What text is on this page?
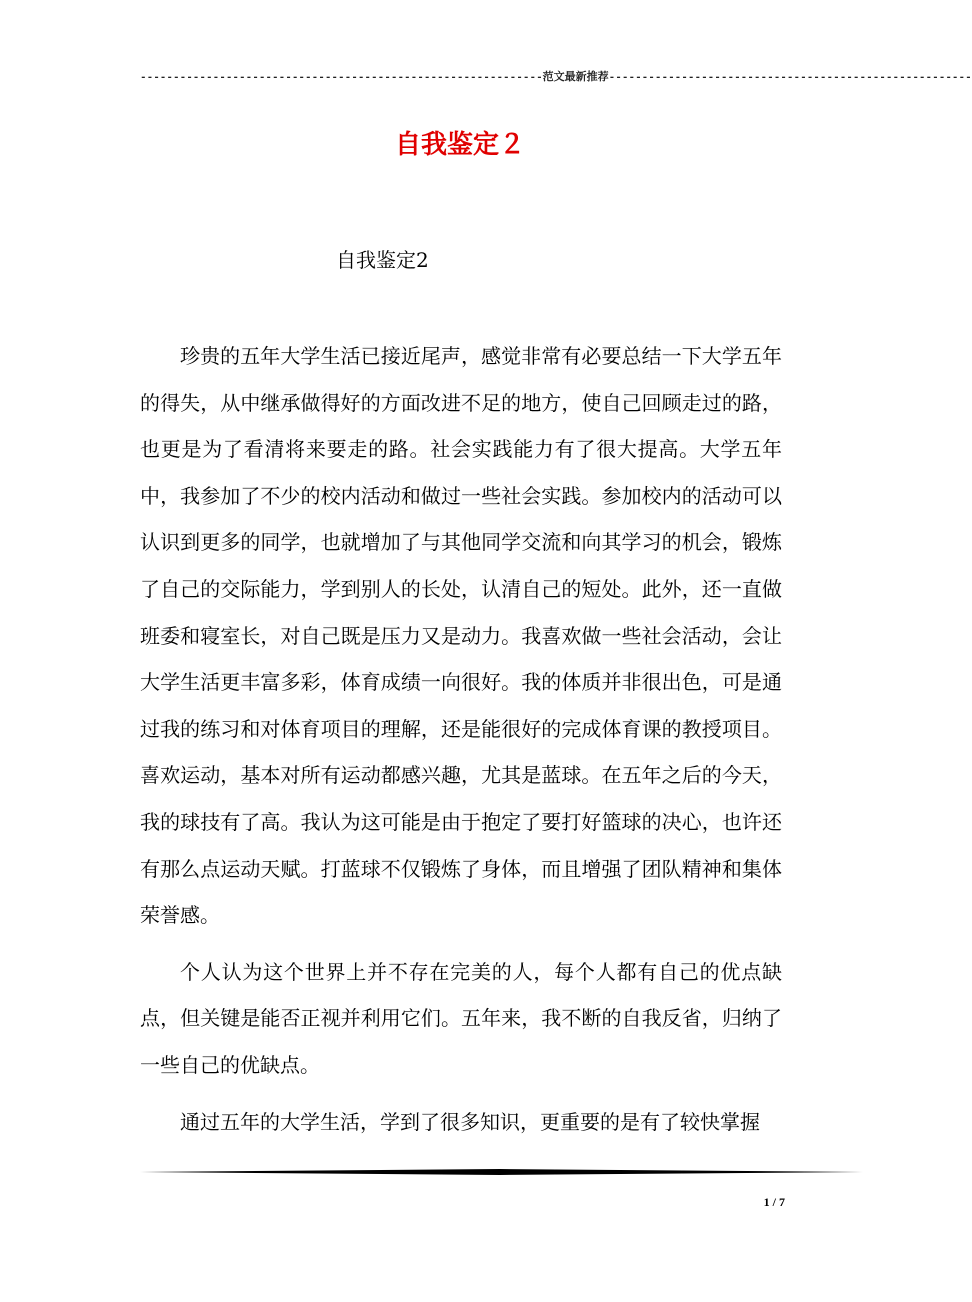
-------------------------------------------------------------范文最新推荐-------------------------------------------------------
自我鉴定２
自我鉴定2

珍贵的五年大学生活已接近尾声，感觉非常有必要总结一下大学五年的得失，从中继承做得好的方面改进不足的地方，使自己回顾走过的路，也更是为了看清将来要走的路。社会实践能力有了很大提高。大学五年中，我参加了不少的校内活动和做过一些社会实践。参加校内的活动可以认识到更多的同学，也就增加了与其他同学交流和向其学习的机会，锻炼了自己的交际能力，学到别人的长处，认清自己的短处。此外，还一直做班委和寝室长，对自己既是压力又是动力。我喜欢做一些社会活动，会让大学生活更丰富多彩，体育成绩一向很好。我的体质并非很出色，可是通过我的练习和对体育项目的理解，还是能很好的完成体育课的教授项目。喜欢运动，基本对所有运动都感兴趣，尤其是蓝球。在五年之后的今天，我的球技有了高。我认为这可能是由于抱定了要打好篮球的决心，也许还有那么点运动天赋。打蓝球不仅锻炼了身体，而且增强了团队精神和集体荣誉感。

个人认为这个世界上并不存在完美的人，每个人都有自己的优点缺点，但关键是能否正视并利用它们。五年来，我不断的自我反省，归纳了一些自己的优缺点。

通过五年的大学生活，学到了很多知识，更重要的是有了较快掌握

1 / 7
